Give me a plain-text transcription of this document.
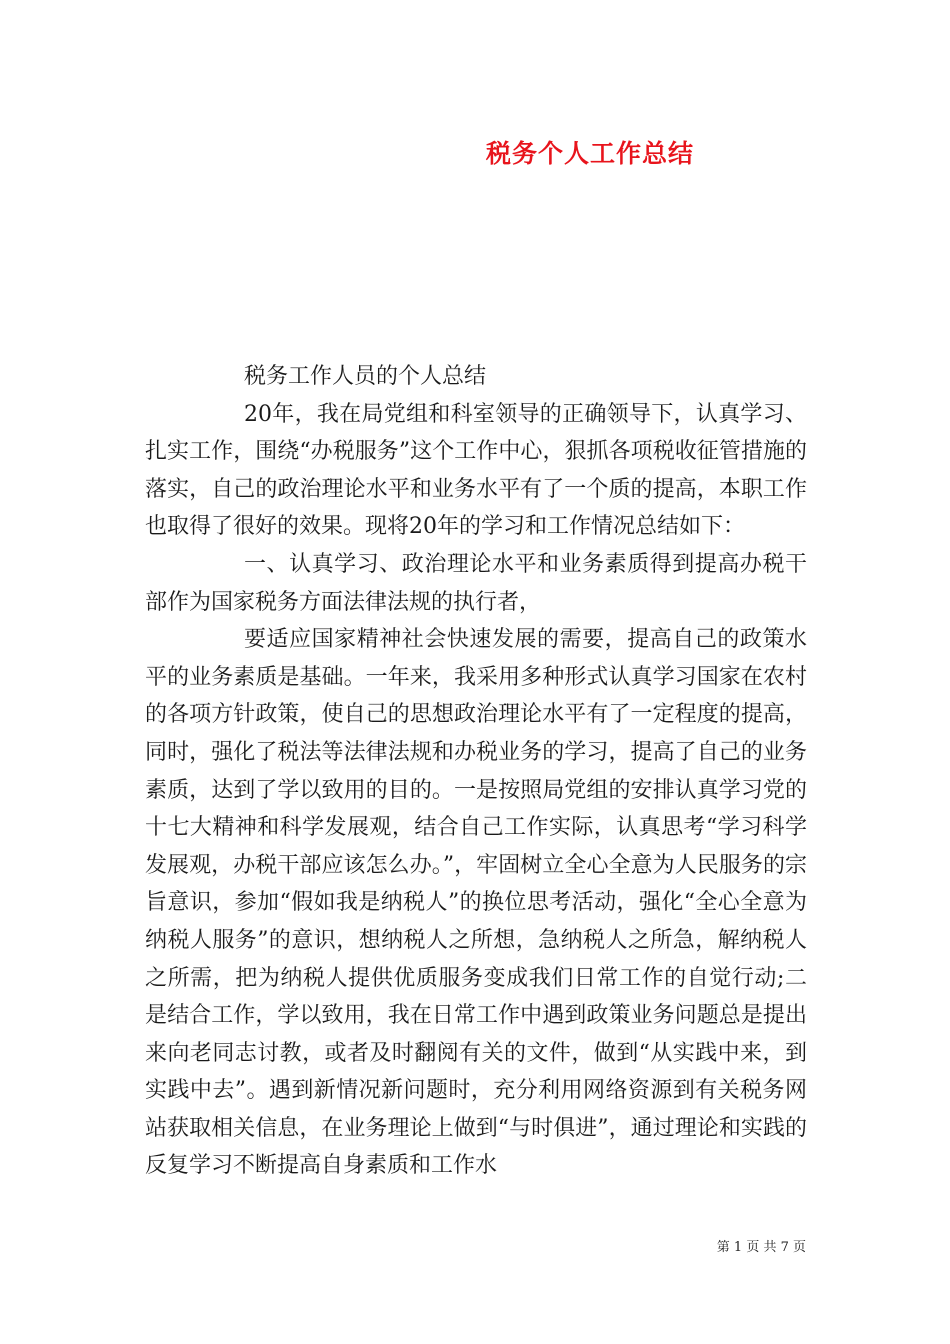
税务个人工作总结

税务工作人员的个人总结

20年，我在局党组和科室领导的正确领导下，认真学习、扎实工作，围绕“办税服务”这个工作中心，狠抓各项税收征管措施的落实，自己的政治理论水平和业务水平有了一个质的提高，本职工作也取得了很好的效果。现将20年的学习和工作情况总结如下：

一、认真学习、政治理论水平和业务素质得到提高办税干部作为国家税务方面法律法规的执行者，

要适应国家精神社会快速发展的需要，提高自己的政策水平的业务素质是基础。一年来，我采用多种形式认真学习国家在农村的各项方针政策，使自己的思想政治理论水平有了一定程度的提高，同时，强化了税法等法律法规和办税业务的学习，提高了自己的业务素质，达到了学以致用的目的。一是按照局党组的安排认真学习党的十七大精神和科学发展观，结合自己工作实际，认真思考“学习科学发展观，办税干部应该怎么办。”，牢固树立全心全意为人民服务的宗旨意识，参加“假如我是纳税人”的换位思考活动，强化“全心全意为纳税人服务”的意识，想纳税人之所想，急纳税人之所急，解纳税人之所需，把为纳税人提供优质服务变成我们日常工作的自觉行动;二是结合工作，学以致用，我在日常工作中遇到政策业务问题总是提出来向老同志讨教，或者及时翻阅有关的文件，做到“从实践中来，到实践中去”。遇到新情况新问题时，充分利用网络资源到有关税务网站获取相关信息，在业务理论上做到“与时俱进”，通过理论和实践的反复学习不断提高自身素质和工作水

第 1 页 共 7 页
